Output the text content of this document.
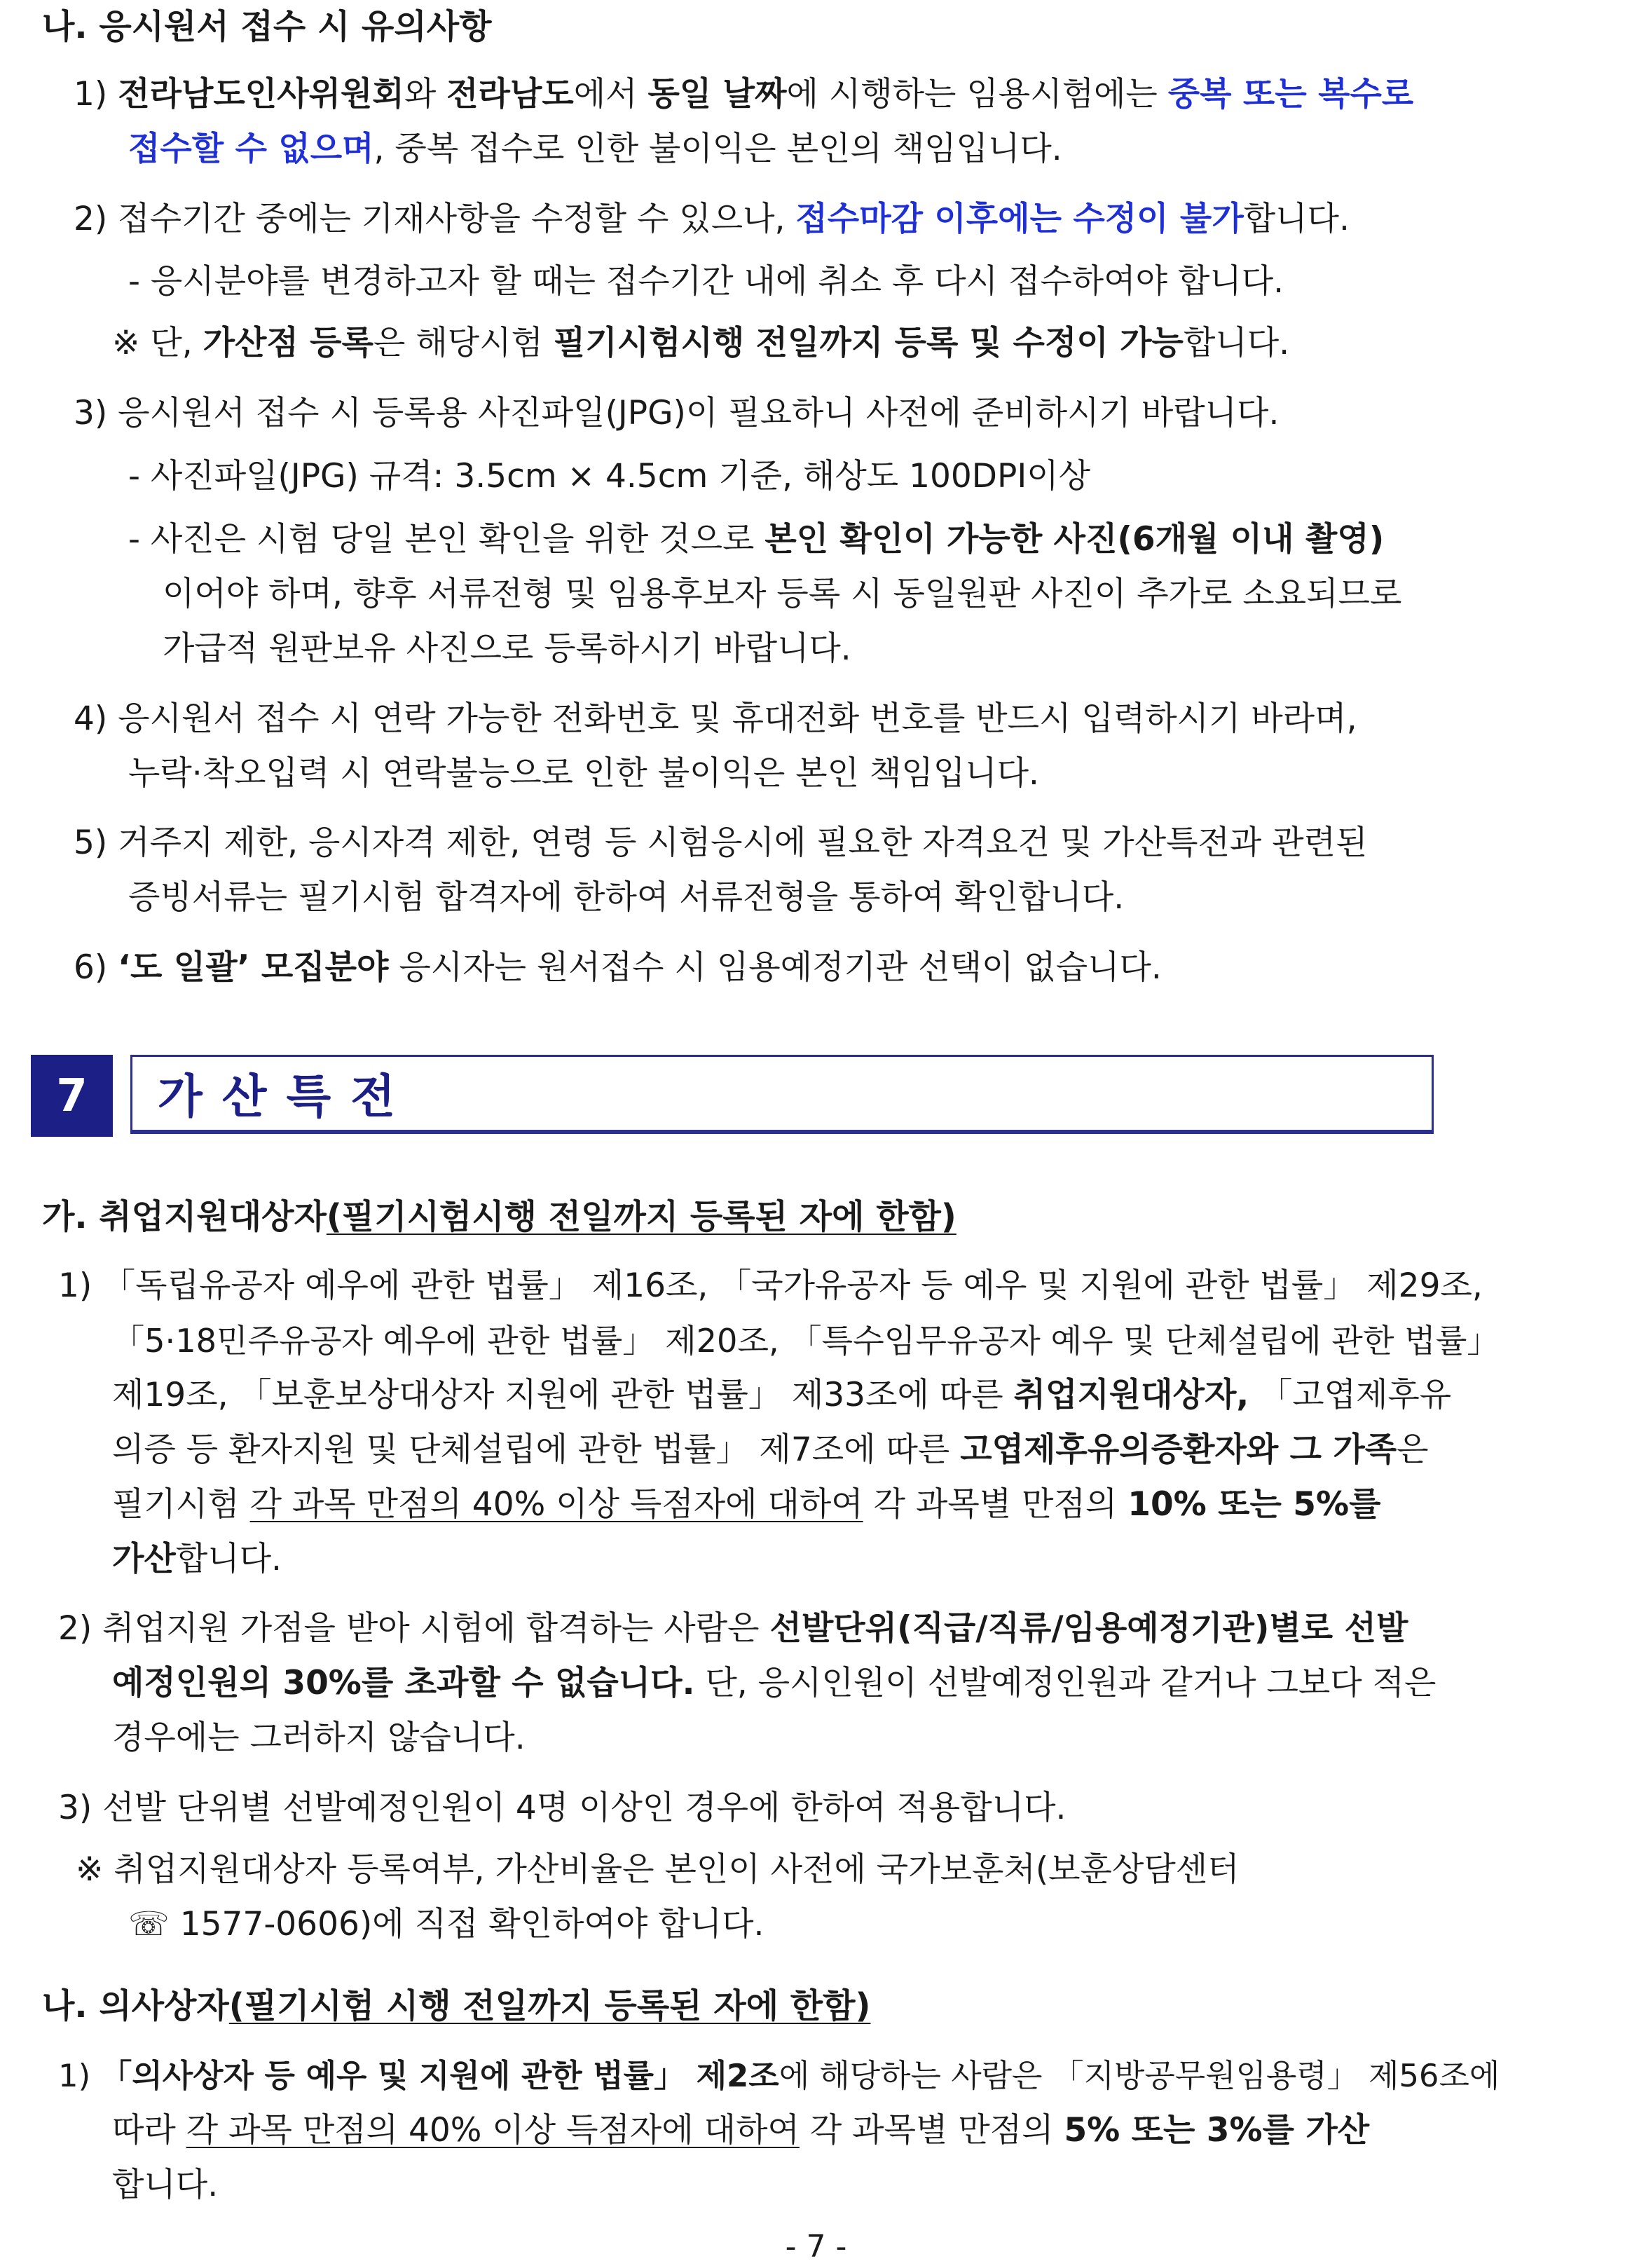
나. 응시원서 접수 시 유의사항
1) 전라남도인사위원회와 전라남도에서 동일 날짜에 시행하는 임용시험에는 중복 또는 복수로
접수할 수 없으며, 중복 접수로 인한 불이익은 본인의 책임입니다.
2) 접수기간 중에는 기재사항을 수정할 수 있으나, 접수마감 이후에는 수정이 불가합니다.
- 응시분야를 변경하고자 할 때는 접수기간 내에 취소 후 다시 접수하여야 합니다.
※ 단, 가산점 등록은 해당시험 필기시험시행 전일까지 등록 및 수정이 가능합니다.
3) 응시원서 접수 시 등록용 사진파일(JPG)이 필요하니 사전에 준비하시기 바랍니다.
- 사진파일(JPG) 규격: 3.5cm × 4.5cm 기준, 해상도 100DPI이상
- 사진은 시험 당일 본인 확인을 위한 것으로 본인 확인이 가능한 사진(6개월 이내 촬영)
이어야 하며, 향후 서류전형 및 임용후보자 등록 시 동일원판 사진이 추가로 소요되므로
가급적 원판보유 사진으로 등록하시기 바랍니다.
4) 응시원서 접수 시 연락 가능한 전화번호 및 휴대전화 번호를 반드시 입력하시기 바라며,
누락·착오입력 시 연락불능으로 인한 불이익은 본인 책임입니다.
5) 거주지 제한, 응시자격 제한, 연령 등 시험응시에 필요한 자격요건 및 가산특전과 관련된
증빙서류는 필기시험 합격자에 한하여 서류전형을 통하여 확인합니다.
6) ‘도 일괄’ 모집분야 응시자는 원서접수 시 임용예정기관 선택이 없습니다.
7	가산특전
가. 취업지원대상자(필기시험시행 전일까지 등록된 자에 한함)
1) 「독립유공자 예우에 관한 법률」 제16조, 「국가유공자 등 예우 및 지원에 관한 법률」 제29조,
「5·18민주유공자 예우에 관한 법률」 제20조, 「특수임무유공자 예우 및 단체설립에 관한 법률」
제19조, 「보훈보상대상자 지원에 관한 법률」 제33조에 따른 취업지원대상자, 「고엽제후유
의증 등 환자지원 및 단체설립에 관한 법률」 제7조에 따른 고엽제후유의증환자와 그 가족은
필기시험 각 과목 만점의 40% 이상 득점자에 대하여 각 과목별 만점의 10% 또는 5%를
가산합니다.
2) 취업지원 가점을 받아 시험에 합격하는 사람은 선발단위(직급/직류/임용예정기관)별로 선발
예정인원의 30%를 초과할 수 없습니다. 단, 응시인원이 선발예정인원과 같거나 그보다 적은
경우에는 그러하지 않습니다.
3) 선발 단위별 선발예정인원이 4명 이상인 경우에 한하여 적용합니다.
※ 취업지원대상자 등록여부, 가산비율은 본인이 사전에 국가보훈처(보훈상담센터
☏ 1577-0606)에 직접 확인하여야 합니다.
나. 의사상자(필기시험 시행 전일까지 등록된 자에 한함)
1) 「의사상자 등 예우 및 지원에 관한 법률」 제2조에 해당하는 사람은 「지방공무원임용령」 제56조에
따라 각 과목 만점의 40% 이상 득점자에 대하여 각 과목별 만점의 5% 또는 3%를 가산
합니다.
- 7 -
